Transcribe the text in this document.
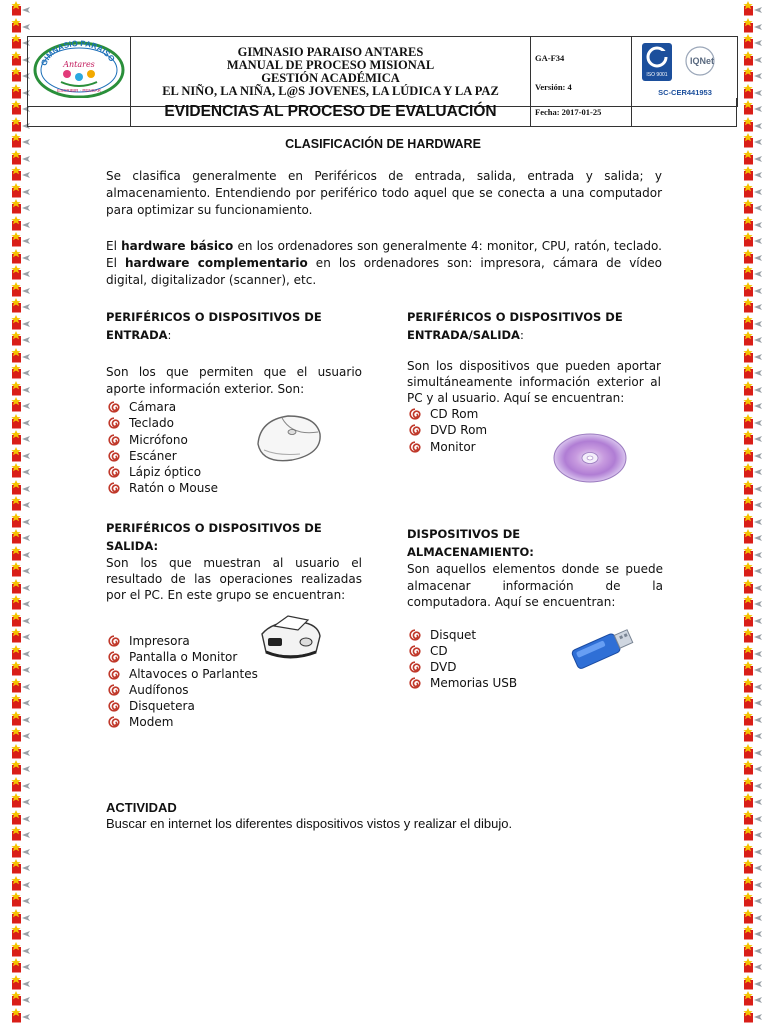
GIMNASIO PARAISO
Antares
ESCRIBIR · PENSAR

GIMNASIO PARAISO ANTARES
MANUAL DE PROCESO MISIONAL
GESTIÓN ACADÉMICA
EL NIÑO, LA NIÑA, L@S JOVENES, LA LÚDICA Y LA PAZ

GA-F34
Versión: 4

ISO 9001
IQNet
SC-CER441953
EVIDENCIAS AL PROCESO DE EVALUACIÓN	Fecha: 2017-01-25
CLASIFICACIÓN DE HARDWARE

Se clasifica generalmente en Periféricos de entrada, salida, entrada y salida; y almacenamiento. Entendiendo por periférico todo aquel que se conecta a una computador para optimizar su funcionamiento.

El hardware básico en los ordenadores son generalmente 4: monitor, CPU, ratón, teclado. El hardware complementario en los ordenadores son: impresora, cámara de vídeo digital, digitalizador (scanner), etc.

PERIFÉRICOS O DISPOSITIVOS DE
ENTRADA:

Son los que permiten que el usuario aporte información exterior. Son:

Cámara
Teclado
Micrófono
Escáner
Lápiz óptico
Ratón o Mouse
PERIFÉRICOS O DISPOSITIVOS DE
ENTRADA/SALIDA:

Son los dispositivos que pueden aportar simultáneamente información exterior al PC y al usuario. Aquí se encuentran:

CD Rom
DVD Rom
Monitor
PERIFÉRICOS O DISPOSITIVOS DE
SALIDA:

Son los que muestran al usuario el resultado de las operaciones realizadas por el PC. En este grupo se encuentran:

Impresora
Pantalla o Monitor
Altavoces o Parlantes
Audífonos
Disquetera
Modem
DISPOSITIVOS DE
ALMACENAMIENTO:

Son aquellos elementos donde se puede almacenar información de la computadora. Aquí se encuentran:

Disquet
CD
DVD
Memorias USB
ACTIVIDAD
Buscar en internet los diferentes dispositivos vistos y realizar el dibujo.
